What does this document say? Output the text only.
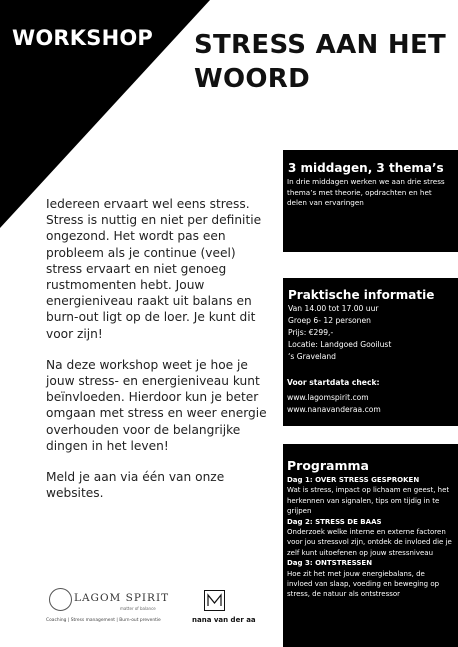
WORKSHOP STRESS AAN HET
WOORD

Iedereen ervaart wel eens stress. Stress is nuttig en niet per definitie ongezond. Het wordt pas een probleem als je continue (veel) stress ervaart en niet genoeg rustmomenten hebt. Jouw energieniveau raakt uit balans en burn-out ligt op de loer. Je kunt dit voor zijn!

Na deze workshop weet je hoe je jouw stress- en energieniveau kunt beïnvloeden. Hierdoor kun je beter omgaan met stress en weer energie overhouden voor de belangrijke dingen in het leven!

Meld je aan via één van onze websites.

3 middagen, 3 thema’s
In drie middagen werken we aan drie stress thema’s met theorie, opdrachten en het delen van ervaringen
Praktische informatie
Van 14.00 tot 17.00 uur
Groep 6- 12 personen
Prijs: €299,-
Locatie: Landgoed Gooilust
‘s Graveland
Voor startdata check:
www.lagomspirit.com
www.nanavanderaa.com
Programma
Dag 1: OVER STRESS GESPROKEN
Wat is stress, impact op lichaam en geest, het herkennen van signalen, tips om tijdig in te grijpen
Dag 2: STRESS DE BAAS
Onderzoek welke interne en externe factoren voor jou stressvol zijn, ontdek de invloed die je zelf kunt uitoefenen op jouw stressniveau
Dag 3: ONTSTRESSEN
Hoe zit het met jouw energiebalans, de invloed van slaap, voeding en beweging op stress, de natuur als ontstressor
LAGOM SPIRIT
matter of balance
Coaching | Stress management | Burn-out preventie	nana van der aa
